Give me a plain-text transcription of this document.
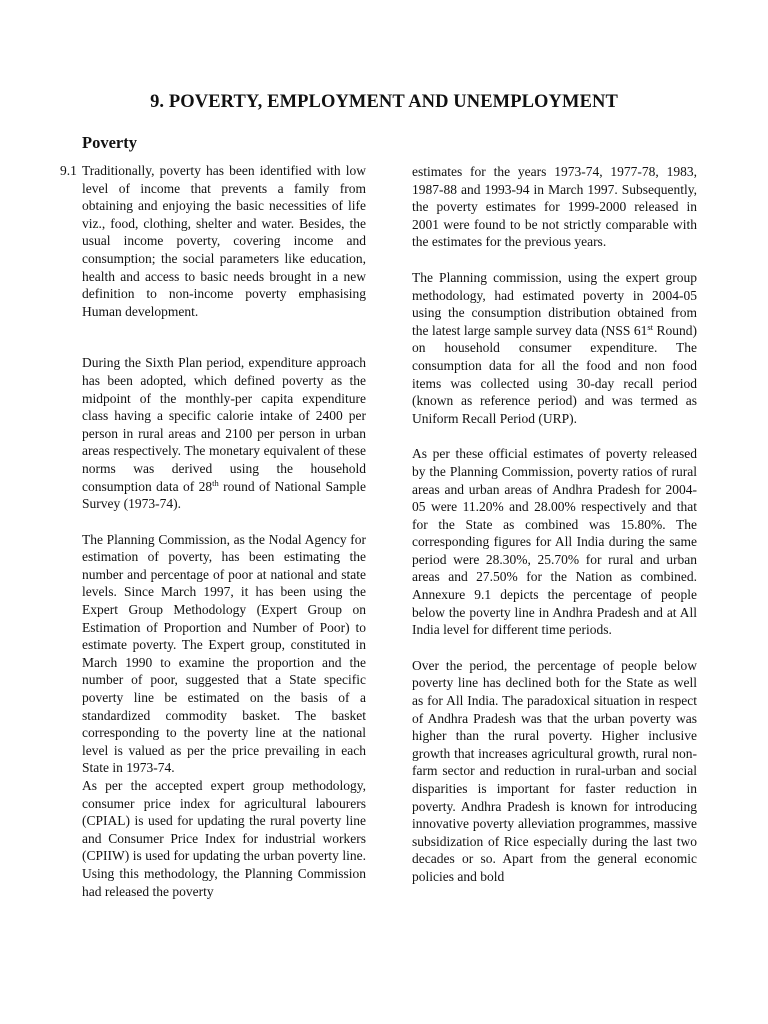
9. POVERTY, EMPLOYMENT AND UNEMPLOYMENT
Poverty
9.1 Traditionally, poverty has been identified with low level of income that prevents a family from obtaining and enjoying the basic necessities of life viz., food, clothing, shelter and water. Besides, the usual income poverty, covering income and consumption; the social parameters like education, health and access to basic needs brought in a new definition to non-income poverty emphasising Human development.

During the Sixth Plan period, expenditure approach has been adopted, which defined poverty as the midpoint of the monthly-per capita expenditure class having a specific calorie intake of 2400 per person in rural areas and 2100 per person in urban areas respectively. The monetary equivalent of these norms was derived using the household consumption data of 28th round of National Sample Survey (1973-74).

The Planning Commission, as the Nodal Agency for estimation of poverty, has been estimating the number and percentage of poor at national and state levels. Since March 1997, it has been using the Expert Group Methodology (Expert Group on Estimation of Proportion and Number of Poor) to estimate poverty. The Expert group, constituted in March 1990 to examine the proportion and the number of poor, suggested that a State specific poverty line be estimated on the basis of a standardized commodity basket. The basket corresponding to the poverty line at the national level is valued as per the price prevailing in each State in 1973-74.

As per the accepted expert group methodology, consumer price index for agricultural labourers (CPIAL) is used for updating the rural poverty line and Consumer Price Index for industrial workers (CPIIW) is used for updating the urban poverty line. Using this methodology, the Planning Commission had released the poverty

estimates for the years 1973-74, 1977-78, 1983, 1987-88 and 1993-94 in March 1997. Subsequently, the poverty estimates for 1999-2000 released in 2001 were found to be not strictly comparable with the estimates for the previous years.

The Planning commission, using the expert group methodology, had estimated poverty in 2004-05 using the consumption distribution obtained from the latest large sample survey data (NSS 61st Round) on household consumer expenditure. The consumption data for all the food and non food items was collected using 30-day recall period (known as reference period) and was termed as Uniform Recall Period (URP).

As per these official estimates of poverty released by the Planning Commission, poverty ratios of rural areas and urban areas of Andhra Pradesh for 2004-05 were 11.20% and 28.00% respectively and that for the State as combined was 15.80%. The corresponding figures for All India during the same period were 28.30%, 25.70% for rural and urban areas and 27.50% for the Nation as combined. Annexure 9.1 depicts the percentage of people below the poverty line in Andhra Pradesh and at All India level for different time periods.

Over the period, the percentage of people below poverty line has declined both for the State as well as for All India. The paradoxical situation in respect of Andhra Pradesh was that the urban poverty was higher than the rural poverty. Higher inclusive growth that increases agricultural growth, rural non-farm sector and reduction in rural-urban and social disparities is important for faster reduction in poverty. Andhra Pradesh is known for introducing innovative poverty alleviation programmes, massive subsidization of Rice especially during the last two decades or so. Apart from the general economic policies and bold
